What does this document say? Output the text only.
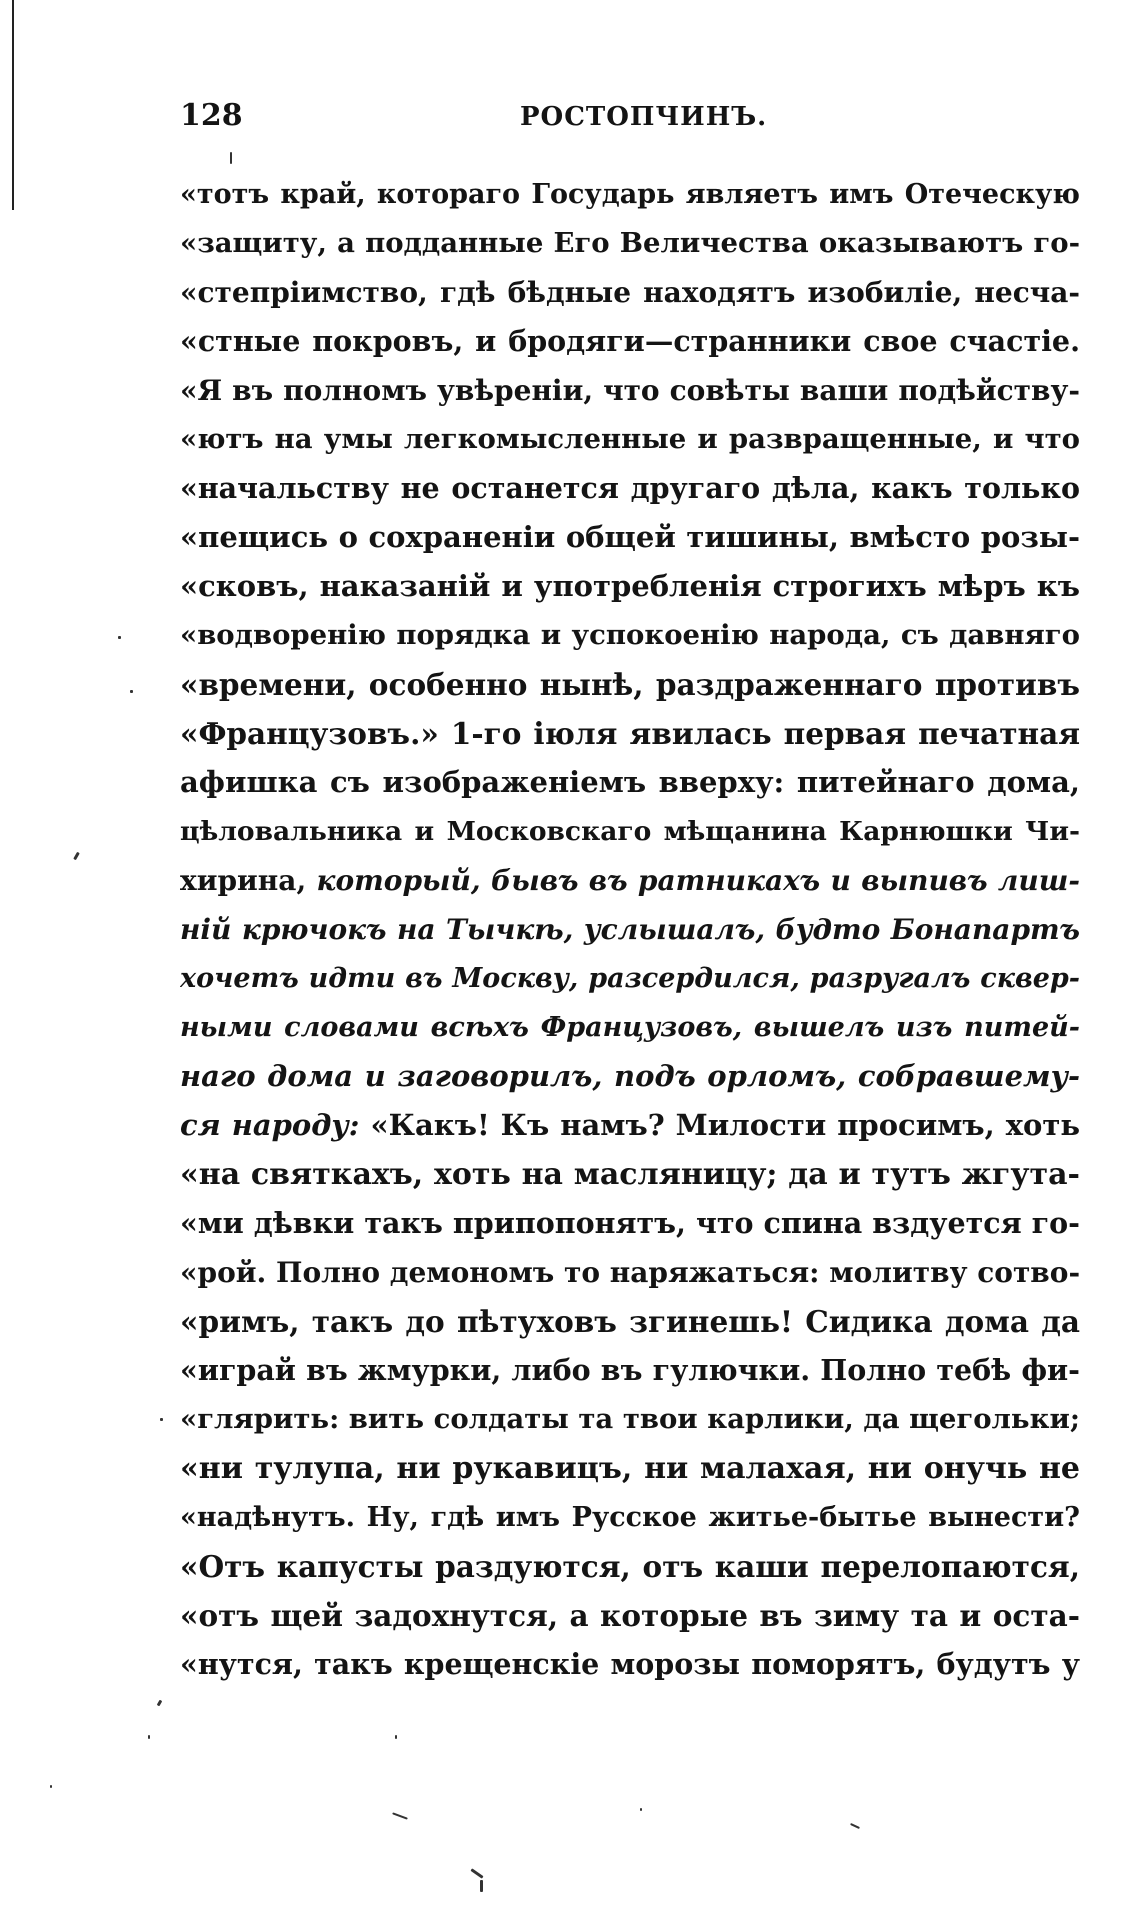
128	РОСТОПЧИНЪ.
«тотъ край, котораго Государь являетъ имъ Отеческую
«защиту, а подданные Его Величества оказываютъ го-
«степріимство, гдѣ бѣдные находятъ изобиліе, несча-
«стные покровъ, и бродяги—странники свое счастіе.
«Я въ полномъ увѣреніи, что совѣты ваши подѣйству-
«ютъ на умы легкомысленные и развращенные, и что
«начальству не останется другаго дѣла, какъ только
«пещись о сохраненіи общей тишины, вмѣсто розы-
«сковъ, наказаній и употребленія строгихъ мѣръ къ
«водворенію порядка и успокоенію народа, съ давняго
«времени, особенно нынѣ, раздраженнаго противъ
«Французовъ.» 1-го іюля явилась первая печатная
афишка съ изображеніемъ вверху: питейнаго дома,
цѣловальника и Московскаго мѣщанина Карнюшки Чи-
хирина, который, бывъ въ ратникахъ и выпивъ лиш-
ній крючокъ на Тычкѣ, услышалъ, будто Бонапартъ
хочетъ идти въ Москву, разсердился, разругалъ сквер-
ными словами всѣхъ Французовъ, вышелъ изъ питей-
наго дома и заговорилъ, подъ орломъ, собравшему-
ся народу: «Какъ! Къ намъ? Милости просимъ, хоть
«на святкахъ, хоть на масляницу; да и тутъ жгута-
«ми дѣвки такъ припопонятъ, что спина вздуется го-
«рой. Полно демономъ то наряжаться: молитву сотво-
«римъ, такъ до пѣтуховъ згинешь! Сидика дома да
«играй въ жмурки, либо въ гулючки. Полно тебѣ фи-
«глярить: вить солдаты та твои карлики, да щегольки;
«ни тулупа, ни рукавицъ, ни малахая, ни онучь не
«надѣнутъ. Ну, гдѣ имъ Русское житье-бытье вынести?
«Отъ капусты раздуются, отъ каши перелопаются,
«отъ щей задохнутся, а которые въ зиму та и оста-
«нутся, такъ крещенскіе морозы поморятъ, будутъ у
